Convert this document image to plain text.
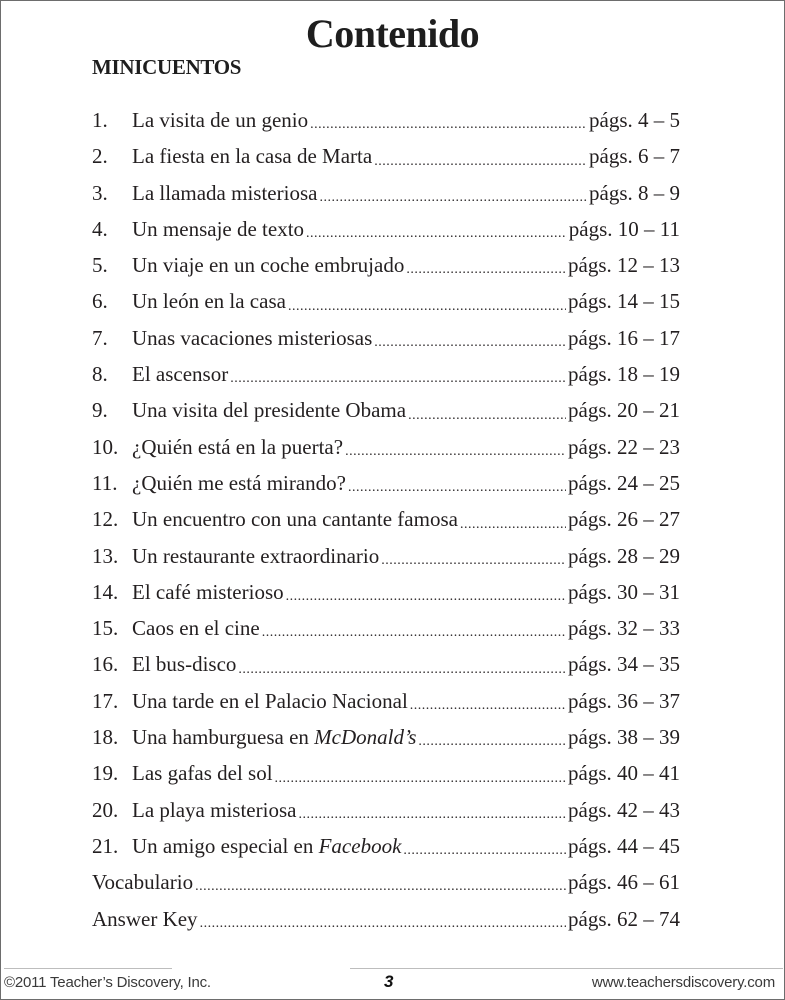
Contenido
MINICUENTOS
1.	La visita de un genio .....	págs. 4 – 5
2.	La fiesta en la casa de Marta .....	págs. 6 – 7
3.	La llamada misteriosa .....	págs. 8 – 9
4.	Un mensaje de texto .....	págs. 10 – 11
5.	Un viaje en un coche embrujado .....	págs. 12 – 13
6.	Un león en la casa .....	págs. 14 – 15
7.	Unas vacaciones misteriosas .....	págs. 16 – 17
8.	El ascensor .....	págs. 18 – 19
9.	Una visita del presidente Obama .....	págs. 20 – 21
10. ¿Quién está en la puerta? .....	págs. 22 – 23
11. ¿Quién me está mirando? .....	págs. 24 – 25
12. Un encuentro con una cantante famosa .....	págs. 26 – 27
13. Un restaurante extraordinario .....	págs. 28 – 29
14. El café misterioso .....	págs. 30 – 31
15. Caos en el cine .....	págs. 32 – 33
16. El bus-disco .....	págs. 34 – 35
17. Una tarde en el Palacio Nacional .....	págs. 36 – 37
18. Una hamburguesa en McDonald’s .....	págs. 38 – 39
19. Las gafas del sol .....	págs. 40 – 41
20. La playa misteriosa .....	págs. 42 – 43
21. Un amigo especial en Facebook .....	págs. 44 – 45
Vocabulario .....	págs. 46 – 61
Answer Key .....	págs. 62 – 74
©2011 Teacher’s Discovery, Inc.	3	www.teachersdiscovery.com
